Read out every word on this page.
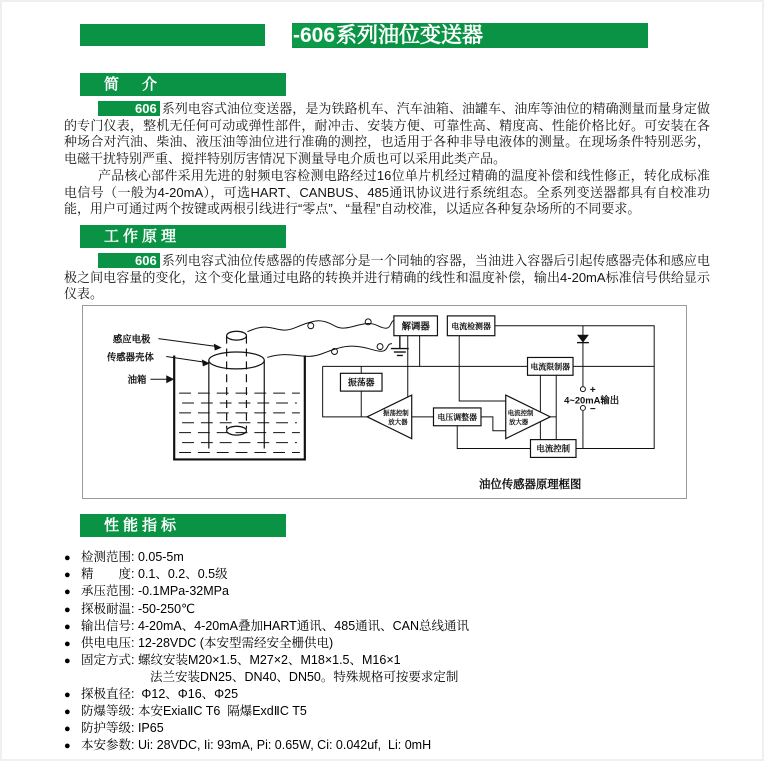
-606系列油位变送器
简　介
606 系列电容式油位变送器，是为铁路机车、汽车油箱、油罐车、油库等油位的精确测量而量身定做的专门仪表，整机无任何可动或弹性部件，耐冲击、安装方便、可靠性高、精度高、性能价格比好。可安装在各种场合对汽油、柴油、液压油等油位进行准确的测控，也适用于各种非导电液体的测量。在现场条件特别恶劣，电磁干扰特别严重、搅拌特别厉害情况下测量导电介质也可以采用此类产品。
产品核心部件采用先进的射频电容检测电路经过16位单片机经过精确的温度补偿和线性修正，转化成标准电信号（一般为4-20mA），可选HART、CANBUS、485通讯协议进行系统组态。全系列变送器都具有自校准功能，用户可通过两个按键或两根引线进行“零点”、“量程”自动校准，以适应各种复杂场所的不同要求。
工作原理
606 系列电容式油位传感器的传感部分是一个同轴的容器，当油进入容器后引起传感器壳体和感应电极之间电容量的变化，这个变化量通过电路的转换并进行精确的线性和温度补偿，输出4-20mA标准信号供给显示仪表。
感应电极
传感器壳体
油箱
解调器	电流检测器
电流限制器
振荡器
振荡控制
放大器
电压调整器	电流控制
放大器
电流控制
+
−
4~20mA输出
油位传感器原理框图
性能指标
● 检测范围: 0.05-5m
● 精　　度: 0.1、0.2、0.5级
● 承压范围: -0.1MPa-32MPa
● 探极耐温: -50-250℃
● 输出信号: 4-20mA、4-20mA叠加HART通讯、485通讯、CAN总线通讯
● 供电电压: 12-28VDC (本安型需经安全栅供电)
● 固定方式: 螺纹安装M20×1.5、M27×2、M18×1.5、M16×1
法兰安装DN25、DN40、DN50。特殊规格可按要求定制
● 探极直径:  Φ12、Φ16、Φ25
● 防爆等级: 本安ExiaⅡC T6  隔爆ExdⅡC T5
● 防护等级: IP65
● 本安参数: Ui: 28VDC, Ii: 93mA, Pi: 0.65W, Ci: 0.042uf,  Li: 0mH
